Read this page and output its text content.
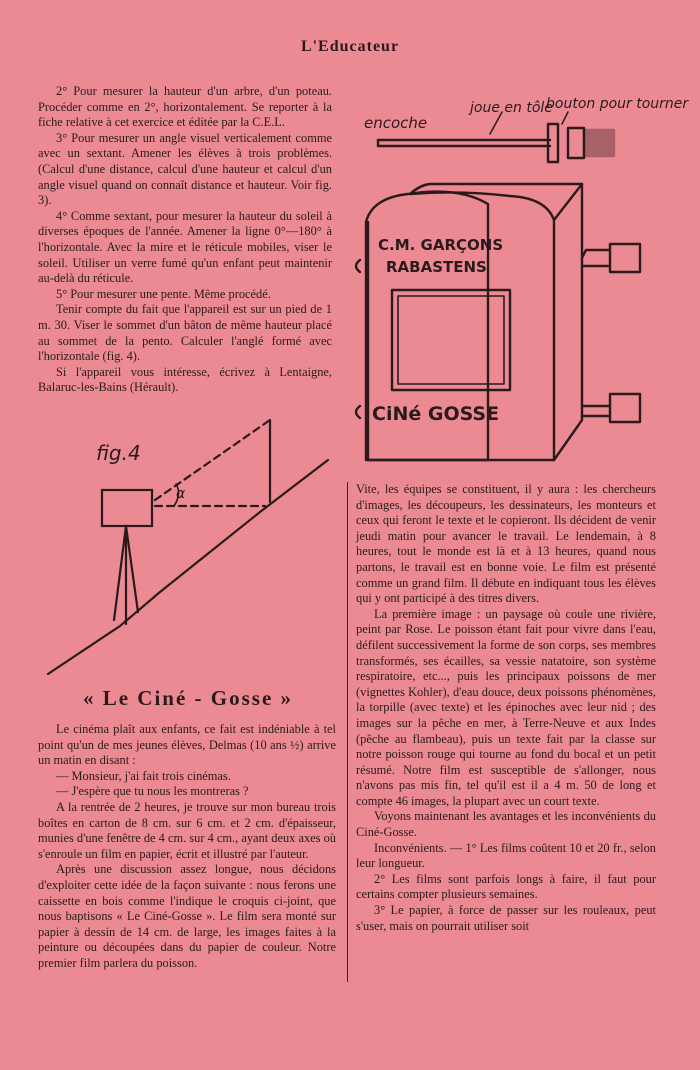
L'Educateur

2° Pour mesurer la hauteur d'un arbre, d'un poteau. Procéder comme en 2°, horizontalement. Se reporter à la fiche relative à cet exercice et éditée par la C.E.L.

3° Pour mesurer un angle visuel verticalement comme avec un sextant. Amener les élèves à trois problèmes. (Calcul d'une distance, calcul d'une hauteur et calcul d'un angle visuel quand on connaît distance et hauteur. Voir fig. 3).

4° Comme sextant, pour mesurer la hauteur du soleil à diverses époques de l'année. Amener la ligne 0°—180° à l'horizontale. Avec la mire et le réticule mobiles, viser le soleil. Utiliser un verre fumé qu'un enfant peut maintenir au-delà du réticule.

5° Pour mesurer une pente. Même procédé.

Tenir compte du fait que l'appareil est sur un pied de 1 m. 30. Viser le sommet d'un bâton de même hauteur placé au sommet de la pento. Calculer l'anglé formé avec l'horizontale (fig. 4).

Si l'appareil vous intéresse, écrivez à Lentaigne, Balaruc-les-Bains (Hérault).

fig.4
α
encoche
joue en tôle
bouton pour tourner
C.M. GARÇONS
RABASTENS
CiNé GOSSE
« Le Ciné - Gosse »

Le cinéma plaît aux enfants, ce fait est indéniable à tel point qu'un de mes jeunes élèves, Delmas (10 ans ½) arrive un matin en disant :

— Monsieur, j'ai fait trois cinémas.

— J'espère que tu nous les montreras ?

A la rentrée de 2 heures, je trouve sur mon bureau trois boîtes en carton de 8 cm. sur 6 cm. et 2 cm. d'épaisseur, munies d'une fenêtre de 4 cm. sur 4 cm., ayant deux axes où s'enroule un film en papier, écrit et illustré par l'auteur.

Après une discussion assez longue, nous décidons d'exploiter cette idée de la façon suivante : nous ferons une caissette en bois comme l'indique le croquis ci-joint, que nous baptisons « Le Ciné-Gosse ». Le film sera monté sur papier à dessin de 14 cm. de large, les images faites à la peinture ou découpées dans du papier de couleur. Notre premier film parlera du poisson.

Vite, les équipes se constituent, il y aura : les chercheurs d'images, les découpeurs, les dessinateurs, les monteurs et ceux qui feront le texte et le copieront. Ils décident de venir jeudi matin pour avancer le travail. Le lendemain, à 8 heures, tout le monde est là et à 13 heures, quand nous partons, le travail est en bonne voie. Le film est présenté comme un grand film. Il débute en indiquant tous les élèves qui y ont participé à des titres divers.

La première image : un paysage où coule une rivière, peint par Rose. Le poisson étant fait pour vivre dans l'eau, défilent successivement la forme de son corps, ses membres transformés, ses écailles, sa vessie natatoire, son système respiratoire, etc..., puis les principaux poissons de mer (vignettes Kohler), d'eau douce, deux poissons phénomènes, la torpille (avec texte) et les épinoches avec leur nid ; des images sur la pêche en mer, à Terre-Neuve et aux Indes (pêche au flambeau), puis un texte fait par la classe sur notre poisson rouge qui tourne au fond du bocal et un petit résumé. Notre film est susceptible de s'allonger, nous n'avons pas mis fin, tel qu'il est il a 4 m. 50 de long et compte 46 images, la plupart avec un court texte.

Voyons maintenant les avantages et les inconvénients du Ciné-Gosse.

Inconvénients. — 1° Les films coûtent 10 et 20 fr., selon leur longueur.

2° Les films sont parfois longs à faire, il faut pour certains compter plusieurs semaines.

3° Le papier, à force de passer sur les rouleaux, peut s'user, mais on pourrait utiliser soit
